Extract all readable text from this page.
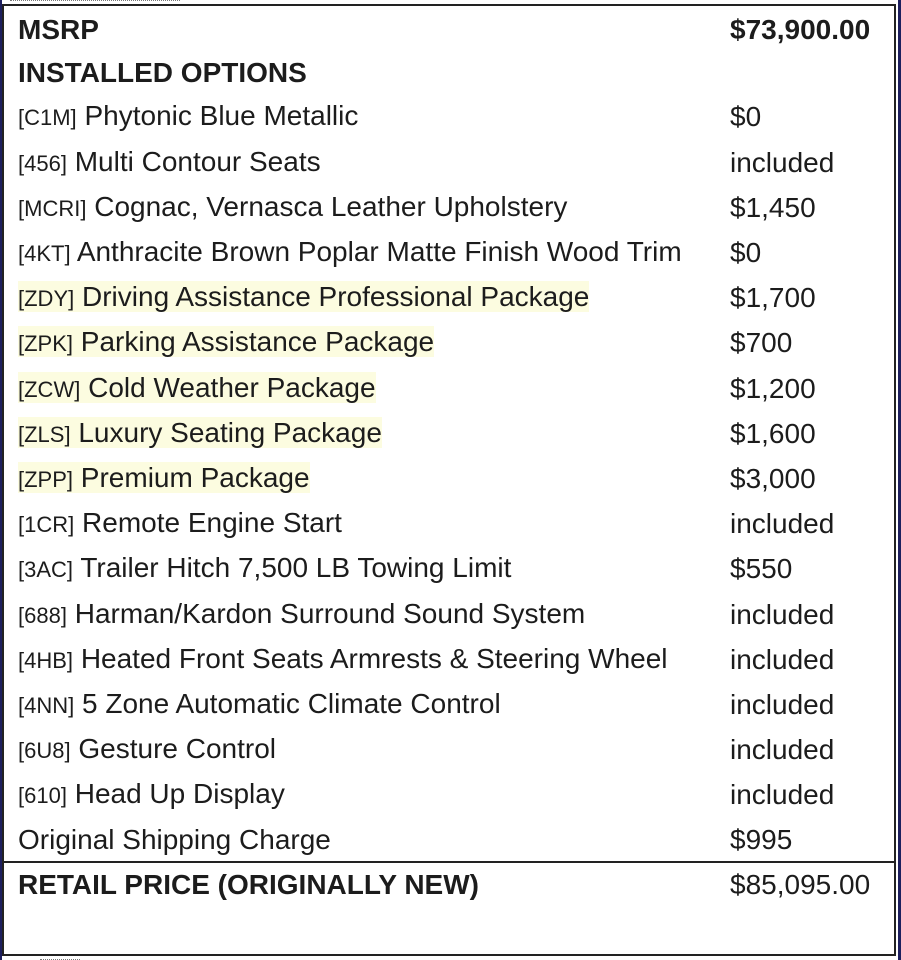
MSRP	$73,900.00
INSTALLED OPTIONS	
[C1M] Phytonic Blue Metallic	$0
[456] Multi Contour Seats	included
[MCRI] Cognac, Vernasca Leather Upholstery	$1,450
[4KT] Anthracite Brown Poplar Matte Finish Wood Trim	$0
[ZDY] Driving Assistance Professional Package	$1,700
[ZPK] Parking Assistance Package	$700
[ZCW] Cold Weather Package	$1,200
[ZLS] Luxury Seating Package	$1,600
[ZPP] Premium Package	$3,000
[1CR] Remote Engine Start	included
[3AC] Trailer Hitch 7,500 LB Towing Limit	$550
[688] Harman/Kardon Surround Sound System	included
[4HB] Heated Front Seats Armrests & Steering Wheel	included
[4NN] 5 Zone Automatic Climate Control	included
[6U8] Gesture Control	included
[610] Head Up Display	included
Original Shipping Charge	$995
RETAIL PRICE (ORIGINALLY NEW)	$85,095.00
